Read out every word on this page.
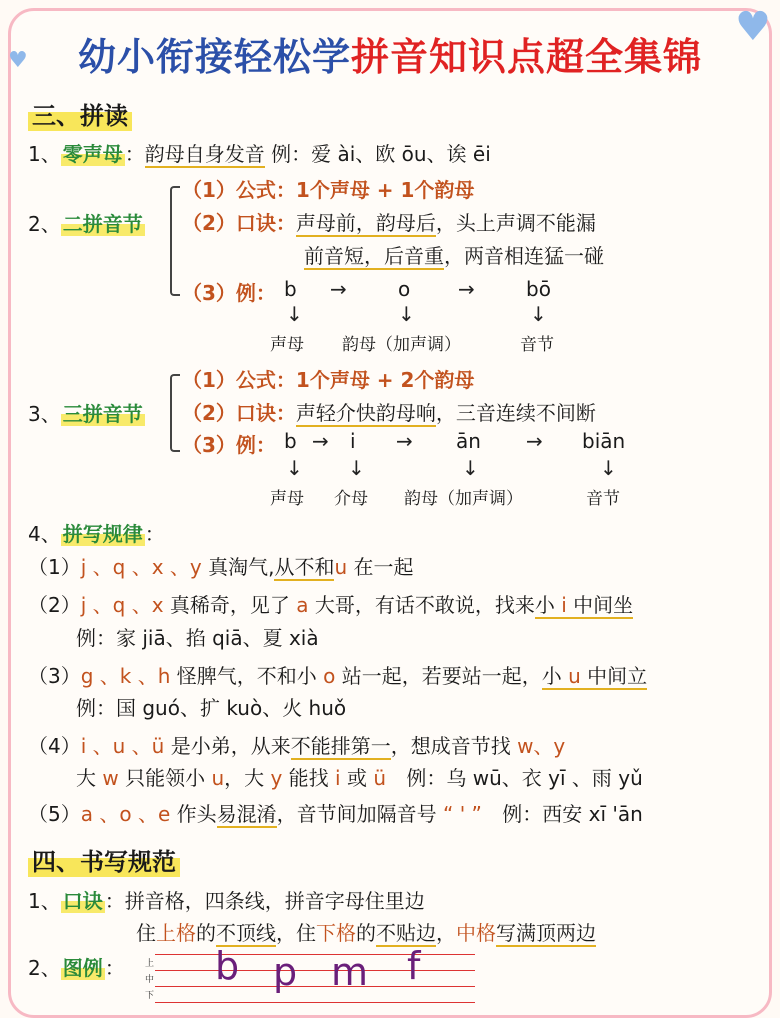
♥
♥
幼小衔接轻松学拼音知识点超全集锦
三、拼读
1、 零声母 ：韵母自身发音 例：爱 ài、欧 ōu、诶 ēi
2、 二拼音节
（1）公式：1个声母 + 1个韵母
（2）口诀：声母前，韵母后，头上声调不能漏
前音短，后音重，两音相连猛一碰
（3）例： b →	o →	bō
↓	↓	↓
声母 韵母（加声调）	音节
3、 三拼音节
（1）公式：1个声母 + 2个韵母
（2）口诀：声轻介快韵母响，三音连续不间断
（3）例： b → i → ān → biān
↓ ↓	↓	↓
声母 介母 韵母（加声调）	音节
4、 拼写规律 ：
（1）j 、q 、x 、y 真淘气,从不和u 在一起
（2）j 、q 、x 真稀奇，见了 a 大哥，有话不敢说，找来小 i 中间坐
例：家 jiā、掐 qiā、夏 xià
（3）g 、k 、h 怪脾气，不和小 o 站一起，若要站一起，小 u 中间立
例：国 guó、扩 kuò、火 huǒ
（4）i 、u 、ü 是小弟，从来不能排第一，想成音节找 w、y
大 w 只能领小 u，大 y 能找 i 或 ü 例：乌 wū、衣 yī 、雨 yǔ
（5）a 、o 、e 作头易混淆，音节间加隔音号 “ ' ” 例：西安 xī 'ān
四、书写规范
1、 口诀 ：拼音格，四条线，拼音字母住里边
住上格的不顶线，住下格的不贴边，中格写满顶两边
2、 图例 ： 上
中
下
b p m f
